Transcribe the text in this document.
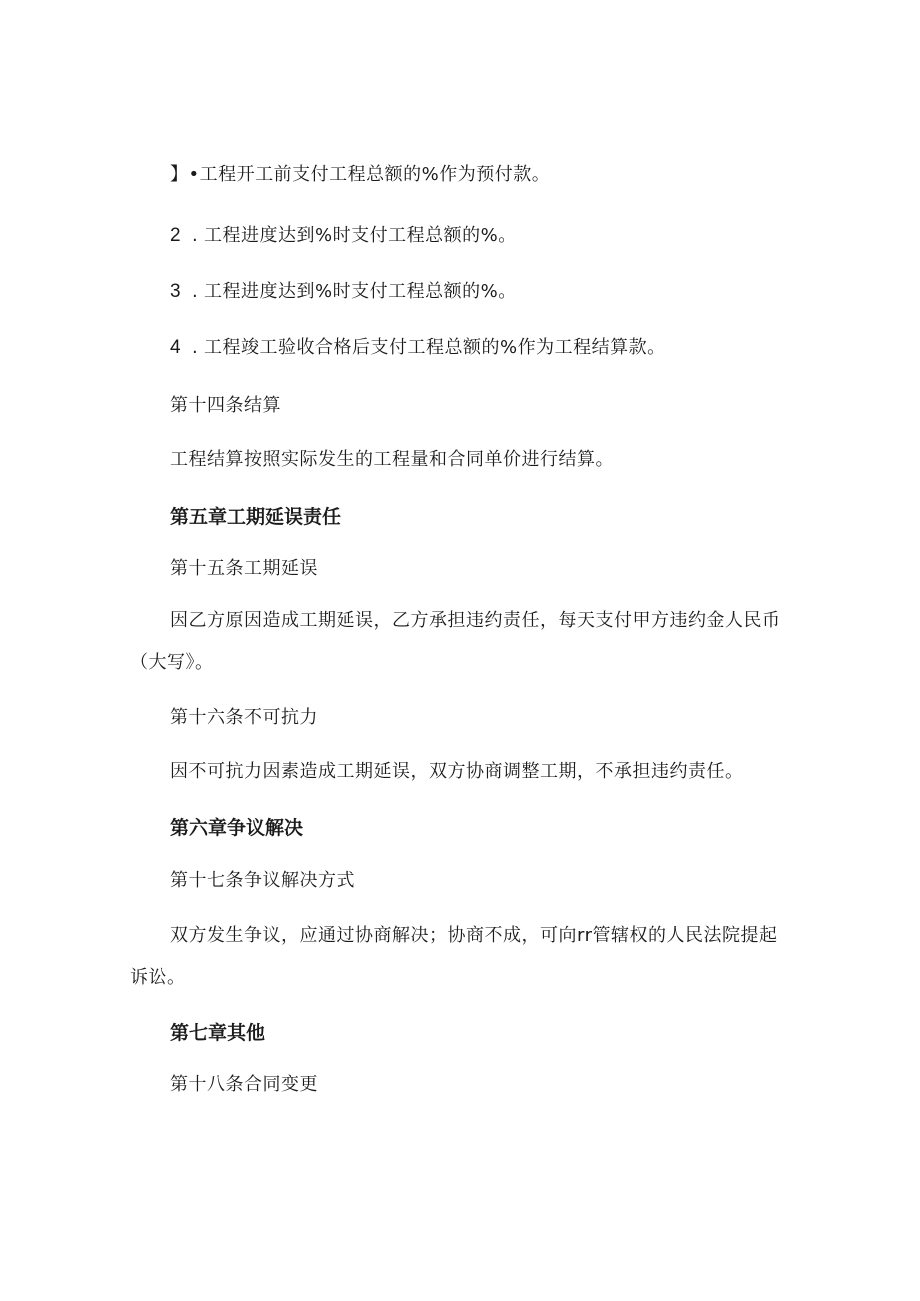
】•工程开工前支付工程总额的%作为预付款。
2 . 工程进度达到%时支付工程总额的%。
3 . 工程进度达到%时支付工程总额的%。
4 . 工程竣工验收合格后支付工程总额的%作为工程结算款。
第十四条结算
工程结算按照实际发生的工程量和合同单价进行结算。
第五章工期延误责任
第十五条工期延误
因乙方原因造成工期延误，乙方承担违约责任，每天支付甲方违约金人民币
（大写》。
第十六条不可抗力
因不可抗力因素造成工期延误，双方协商调整工期，不承担违约责任。
第六章争议解决
第十七条争议解决方式
双方发生争议，应通过协商解决；协商不成，可向rr管辖权的人民法院提起
诉讼。
第七章其他
第十八条合同变更
